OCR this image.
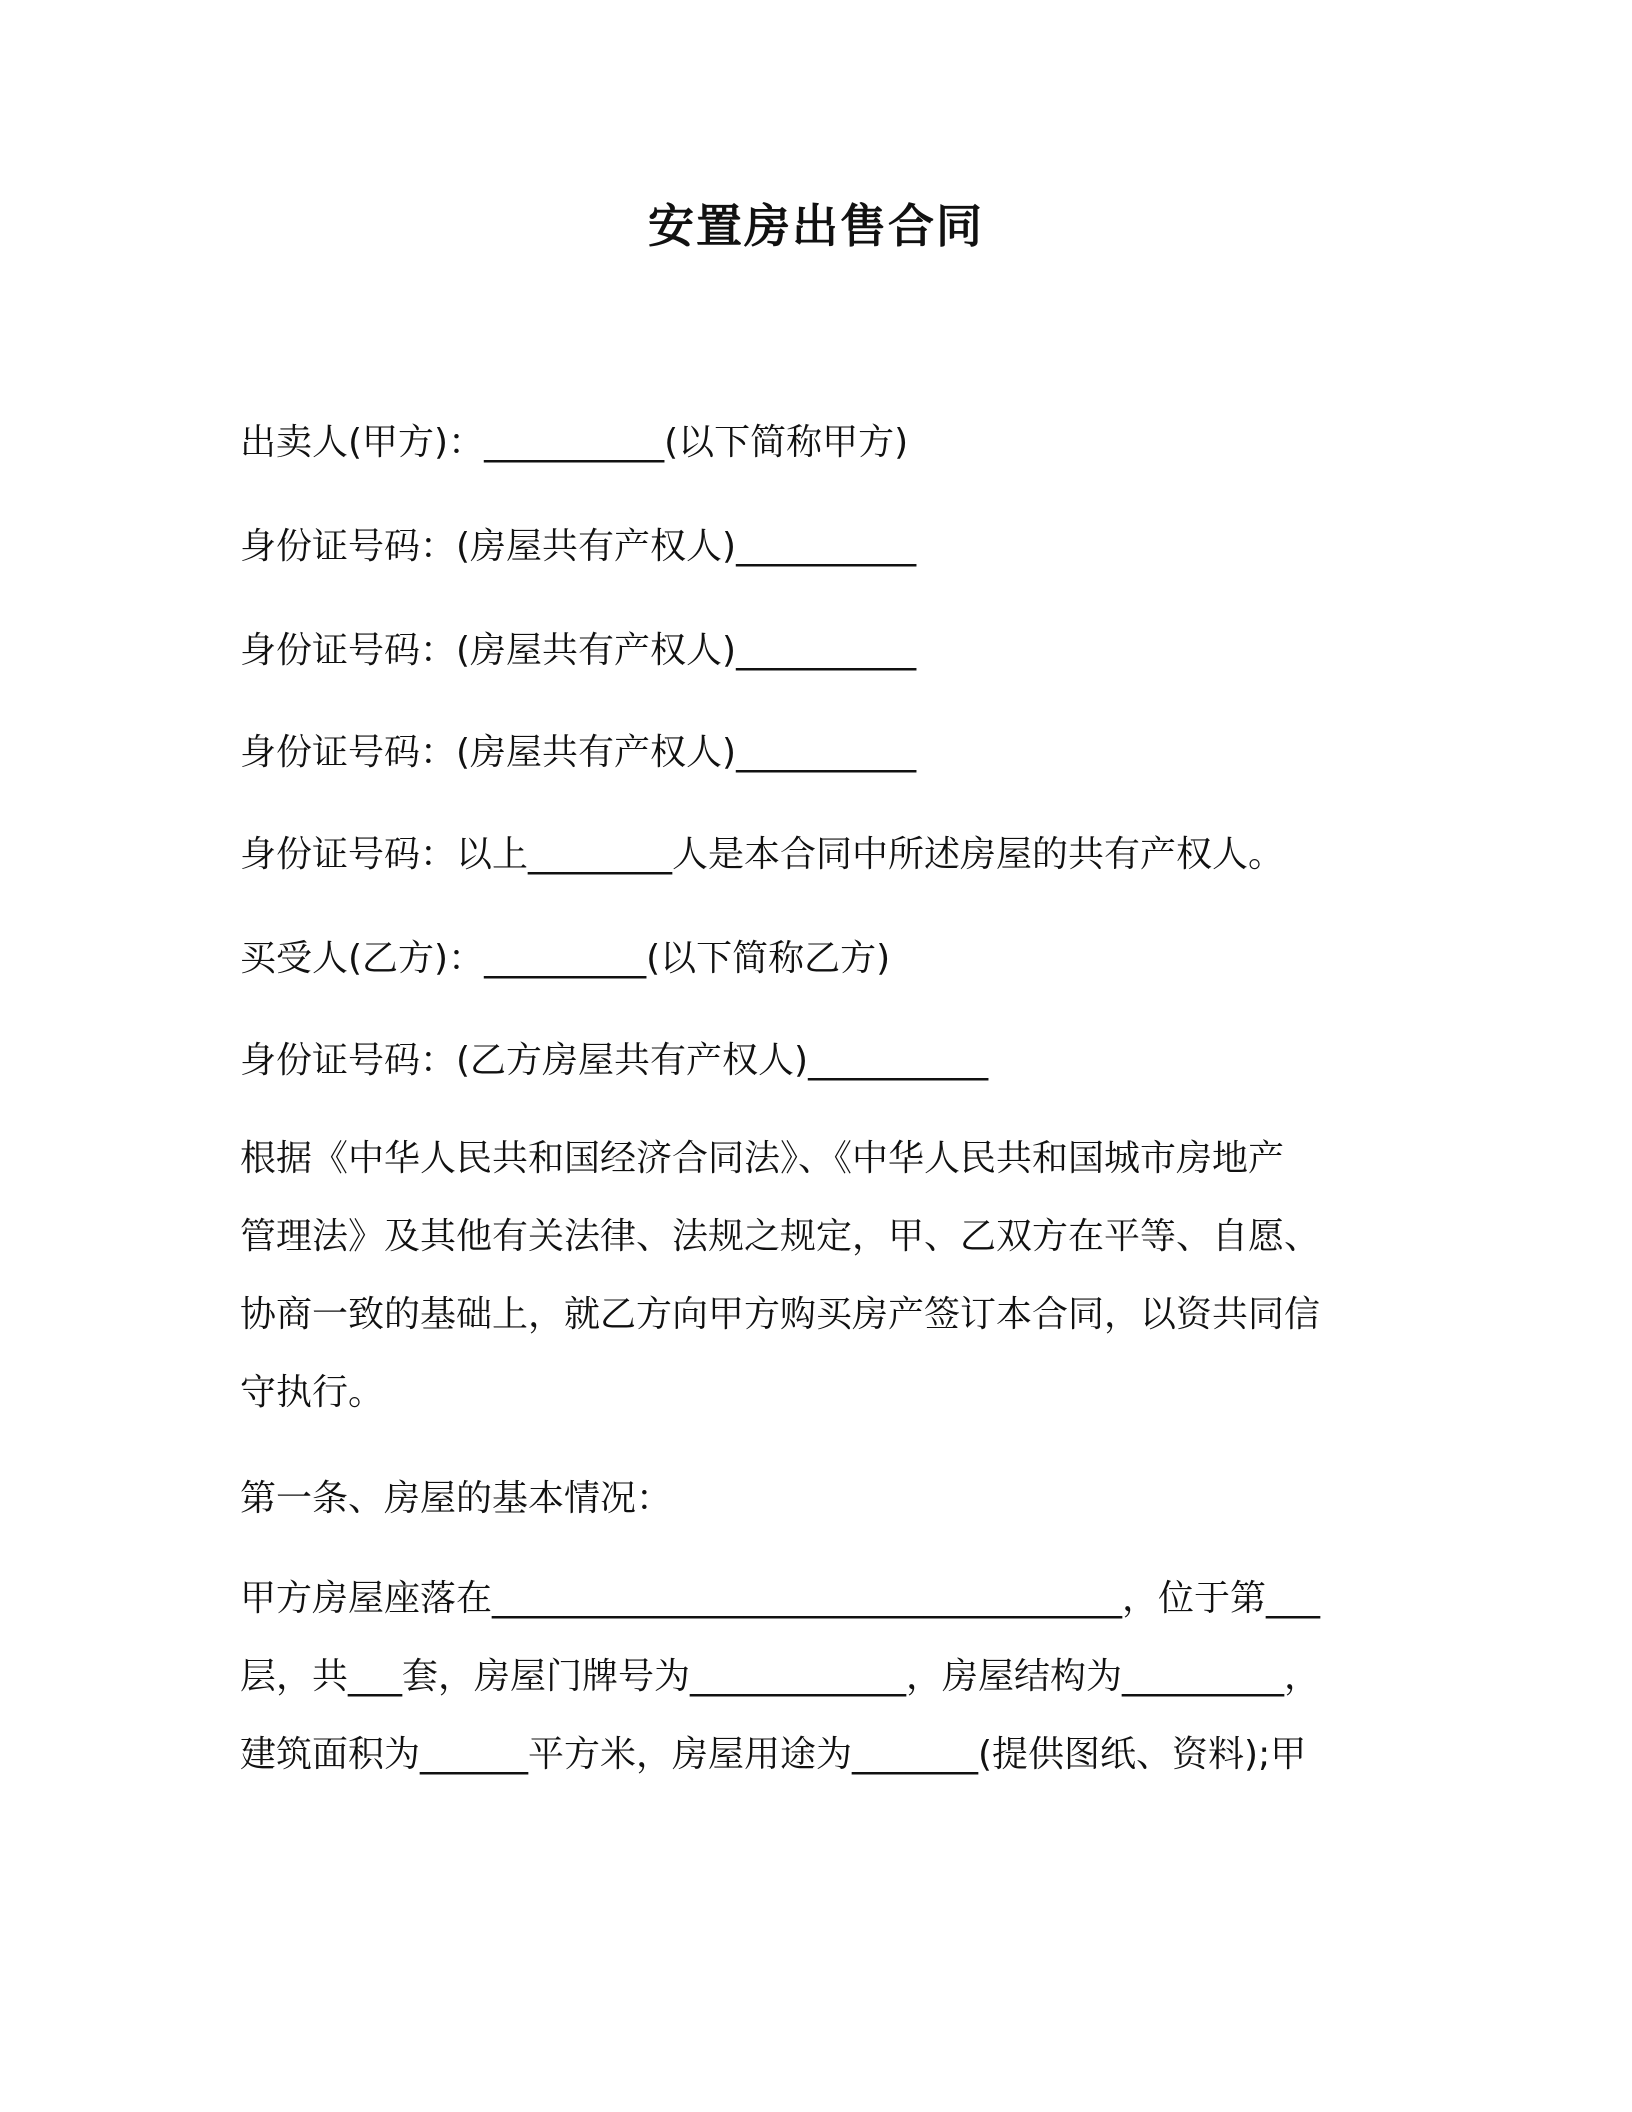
安置房出售合同
出卖人(甲方)：__________(以下简称甲方)
身份证号码：(房屋共有产权人)__________
身份证号码：(房屋共有产权人)__________
身份证号码：(房屋共有产权人)__________
身份证号码：以上________人是本合同中所述房屋的共有产权人。
买受人(乙方)：_________(以下简称乙方)
身份证号码：(乙方房屋共有产权人)__________
根据《中华人民共和国经济合同法》、《中华人民共和国城市房地产
管理法》及其他有关法律、法规之规定，甲、乙双方在平等、自愿、
协商一致的基础上，就乙方向甲方购买房产签订本合同，以资共同信
守执行。
第一条、房屋的基本情况：
甲方房屋座落在___________________________________，位于第___
层，共___套，房屋门牌号为____________，房屋结构为_________，
建筑面积为______平方米，房屋用途为_______(提供图纸、资料);甲
